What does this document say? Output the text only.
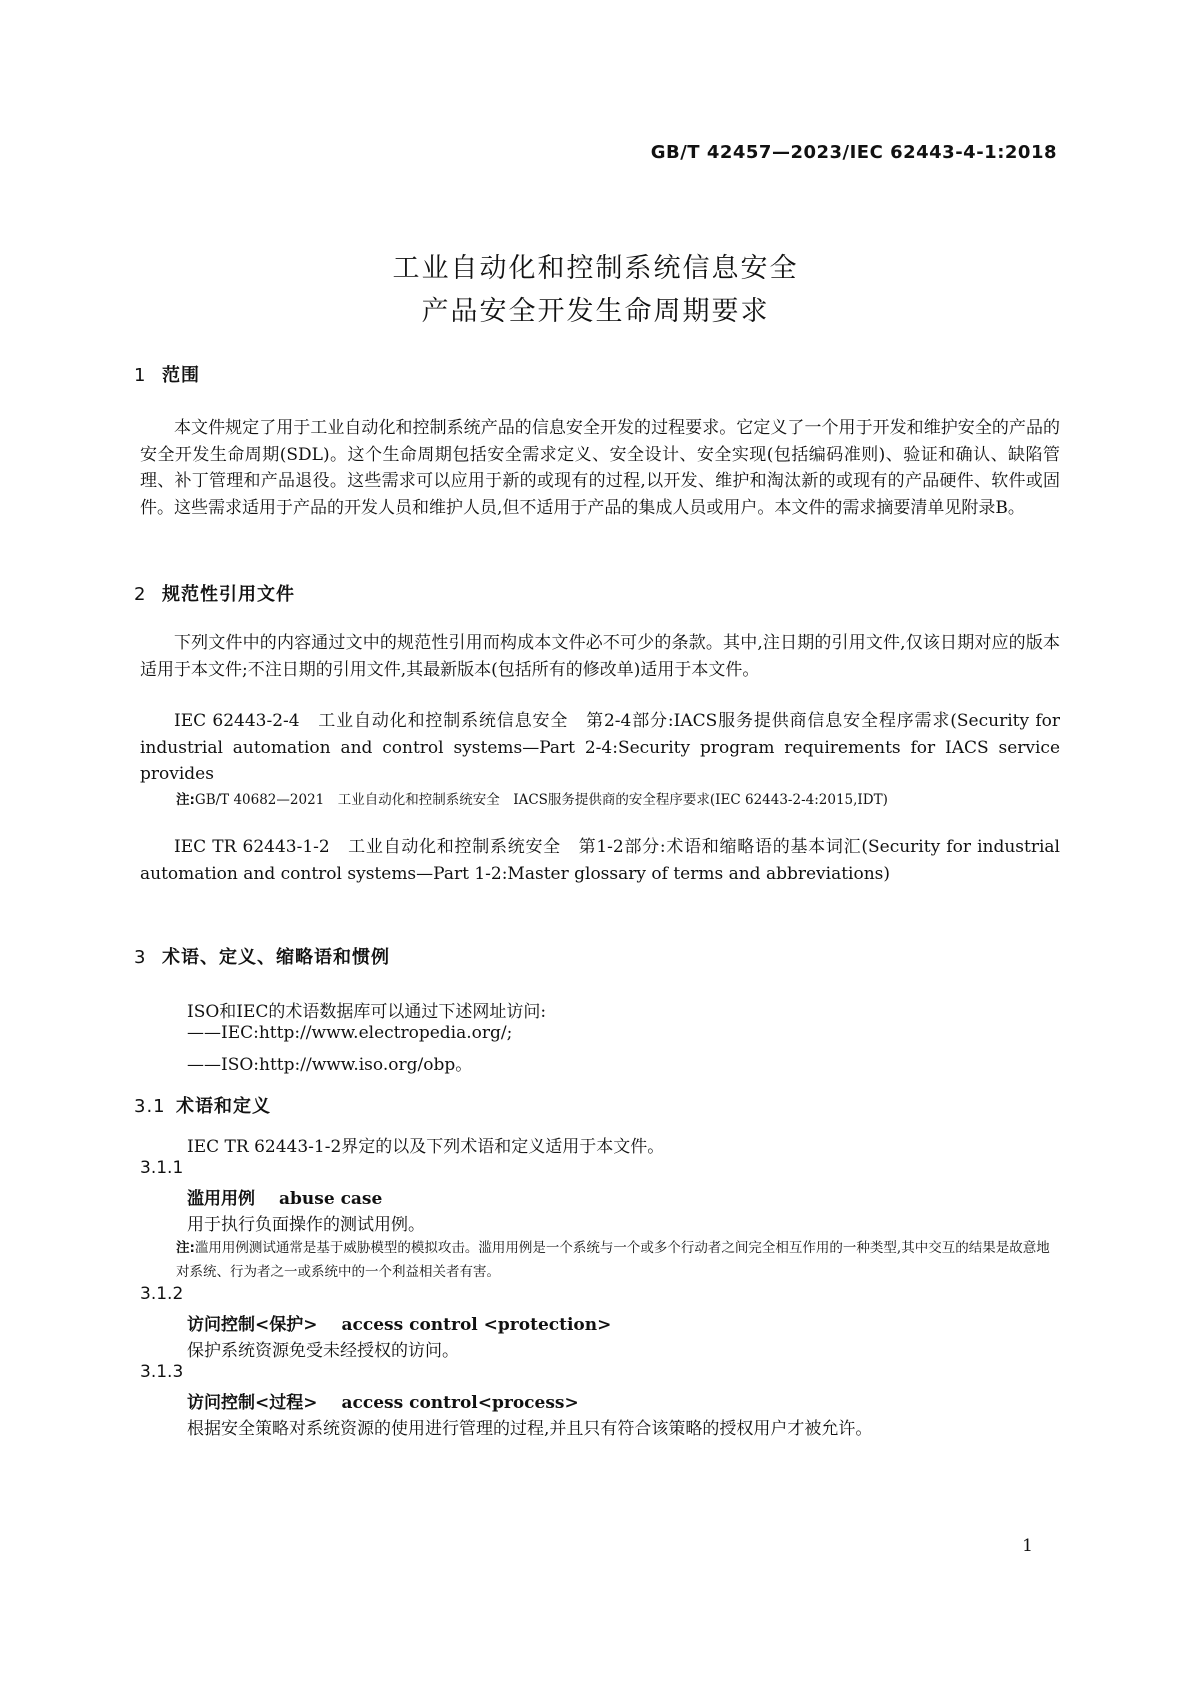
GB/T 42457—2023/IEC 62443-4-1:2018
工业自动化和控制系统信息安全
产品安全开发生命周期要求
1 范围
本文件规定了用于工业自动化和控制系统产品的信息安全开发的过程要求。它定义了一个用于开发和维护安全的产品的安全开发生命周期(SDL)。这个生命周期包括安全需求定义、安全设计、安全实现(包括编码准则)、验证和确认、缺陷管理、补丁管理和产品退役。这些需求可以应用于新的或现有的过程,以开发、维护和淘汰新的或现有的产品硬件、软件或固件。这些需求适用于产品的开发人员和维护人员,但不适用于产品的集成人员或用户。本文件的需求摘要清单见附录B。
2 规范性引用文件
下列文件中的内容通过文中的规范性引用而构成本文件必不可少的条款。其中,注日期的引用文件,仅该日期对应的版本适用于本文件;不注日期的引用文件,其最新版本(包括所有的修改单)适用于本文件。
IEC 62443-2-4　工业自动化和控制系统信息安全　第2-4部分:IACS服务提供商信息安全程序需求(Security for industrial automation and control systems—Part 2-4:Security program requirements for IACS service provides
注:GB/T 40682—2021　工业自动化和控制系统安全　IACS服务提供商的安全程序要求(IEC 62443-2-4:2015,IDT)
IEC TR 62443-1-2　工业自动化和控制系统安全　第1-2部分:术语和缩略语的基本词汇(Security for industrial automation and control systems—Part 1-2:Master glossary of terms and abbreviations)
3 术语、定义、缩略语和惯例
ISO和IEC的术语数据库可以通过下述网址访问:
——IEC:http://www.electropedia.org/;
——ISO:http://www.iso.org/obp。
3.1 术语和定义
IEC TR 62443-1-2界定的以及下列术语和定义适用于本文件。
3.1.1
滥用用例 abuse case
用于执行负面操作的测试用例。
注:滥用用例测试通常是基于威胁模型的模拟攻击。滥用用例是一个系统与一个或多个行动者之间完全相互作用的一种类型,其中交互的结果是故意地对系统、行为者之一或系统中的一个利益相关者有害。
3.1.2
访问控制<保护> access control <protection>
保护系统资源免受未经授权的访问。
3.1.3
访问控制<过程> access control<process>
根据安全策略对系统资源的使用进行管理的过程,并且只有符合该策略的授权用户才被允许。
1
